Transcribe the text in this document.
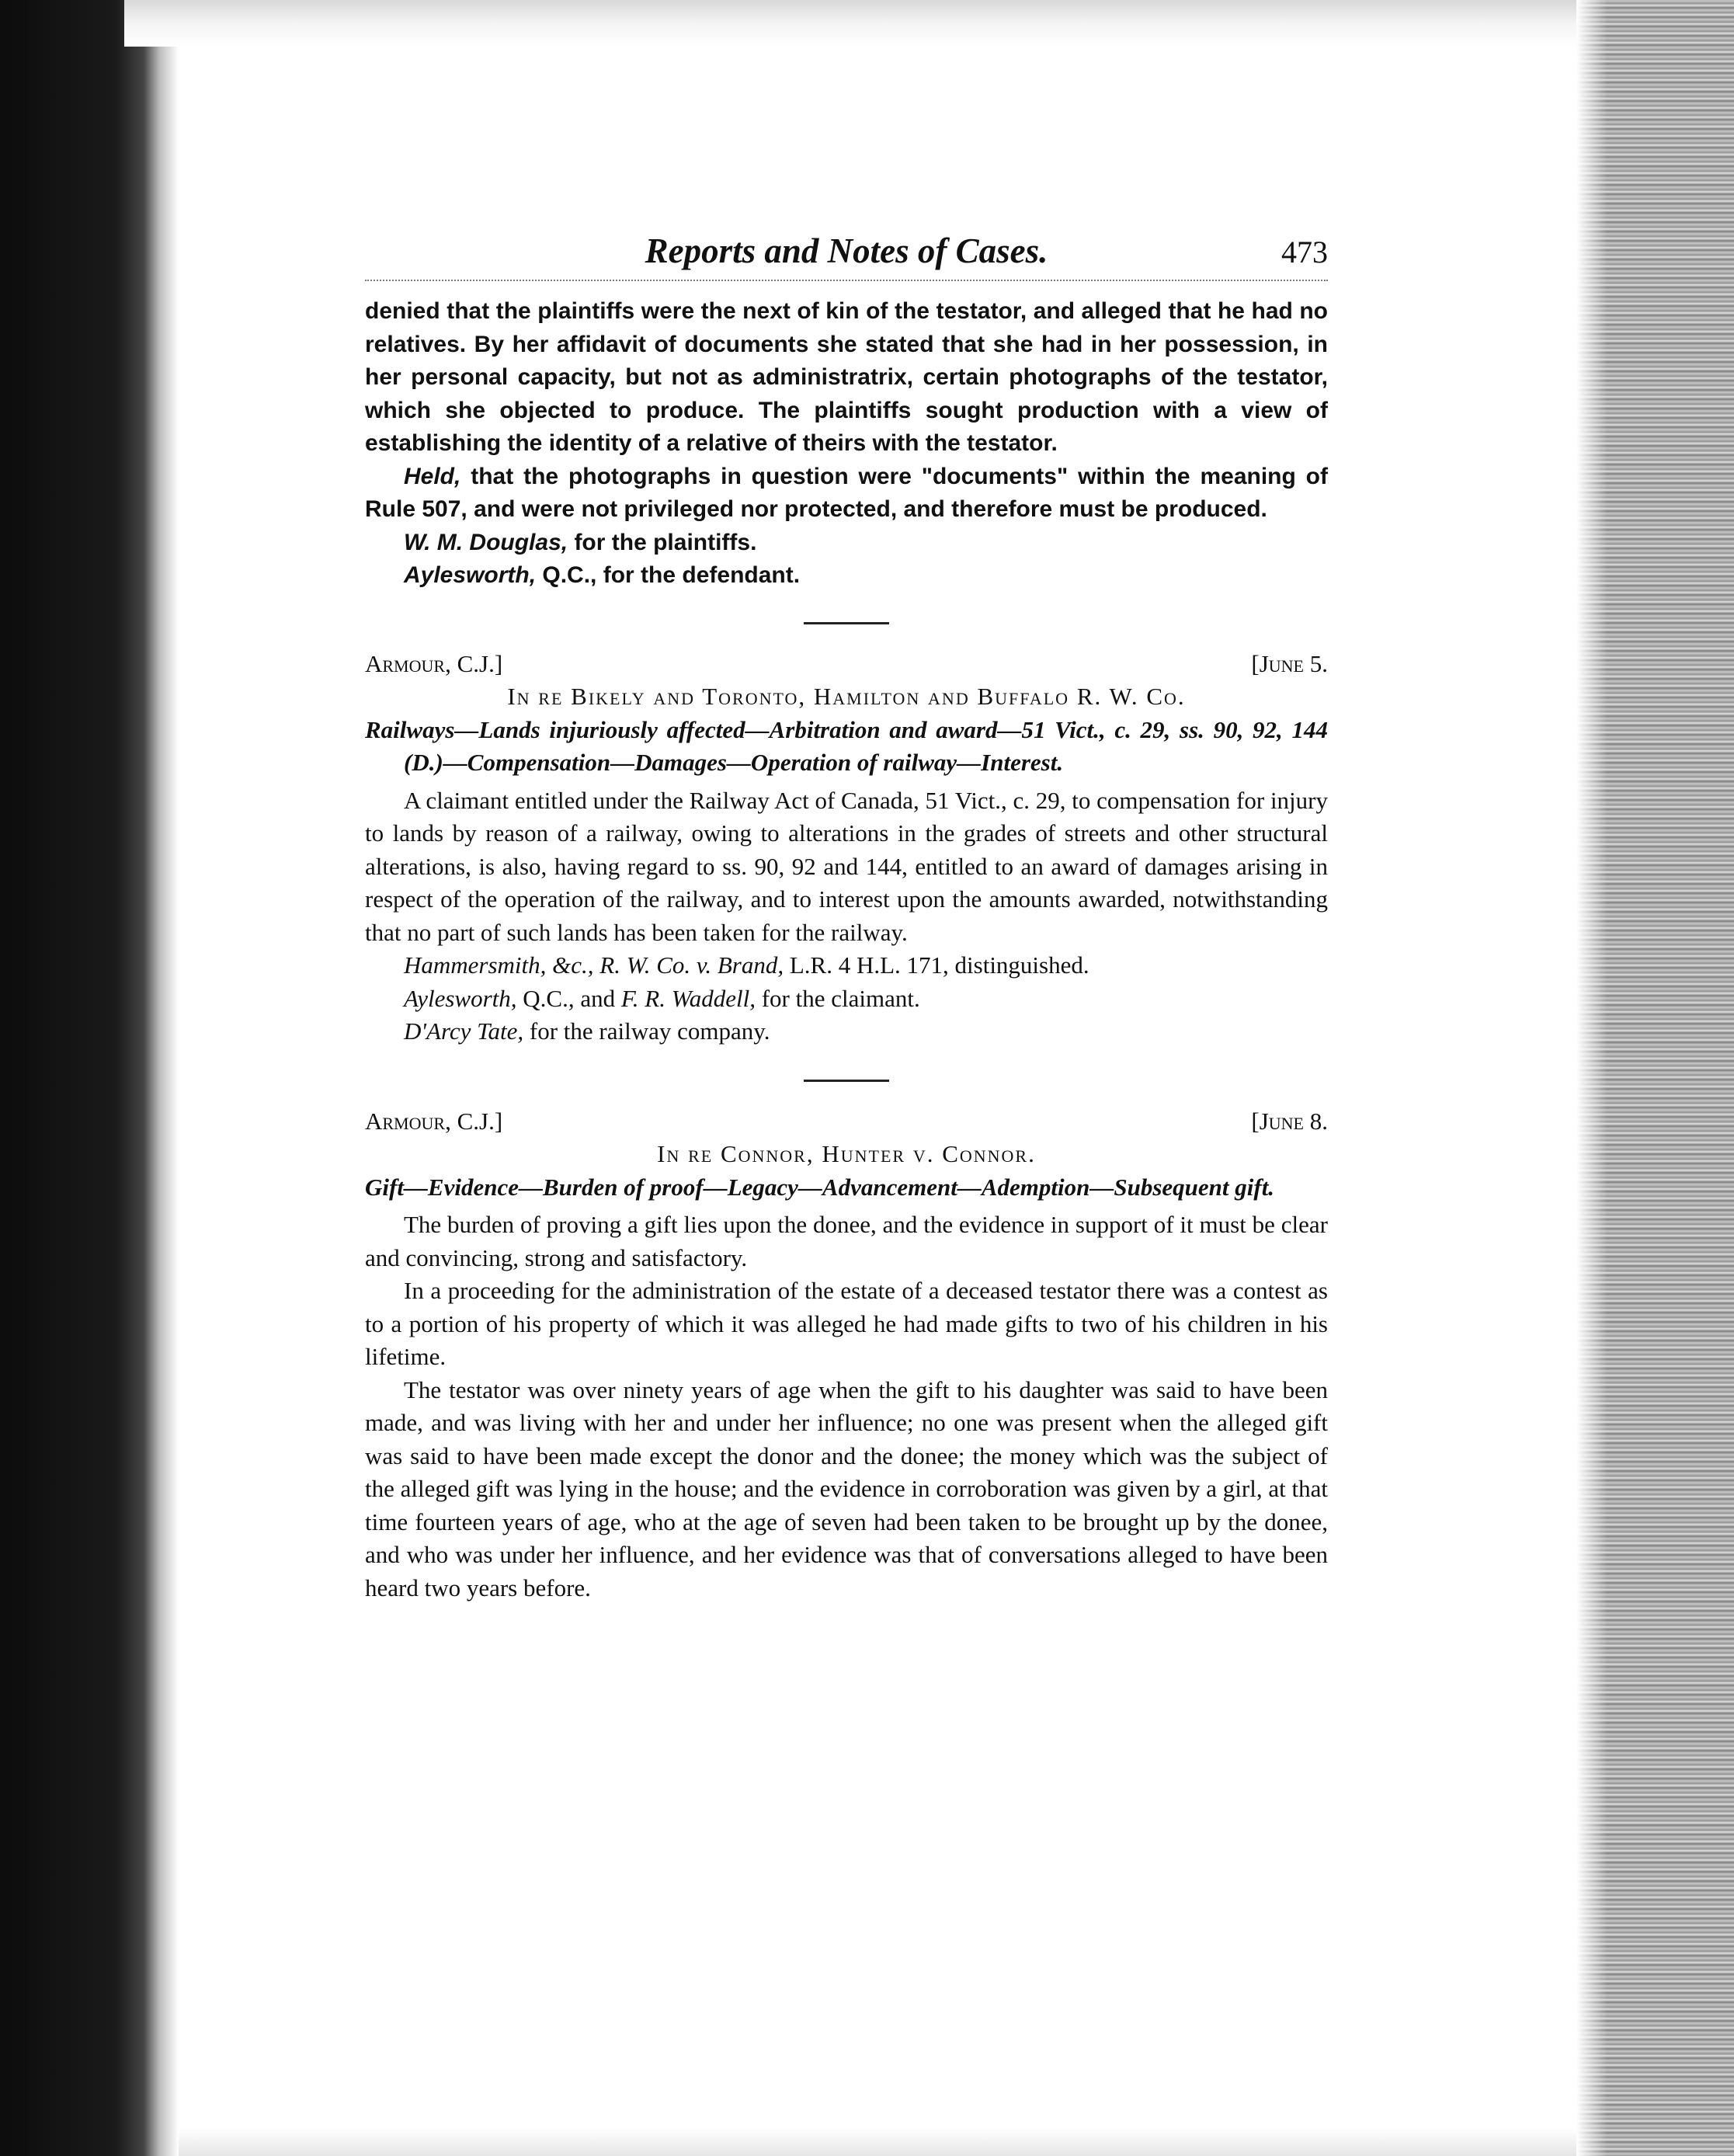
Reports and Notes of Cases.	473

denied that the plaintiffs were the next of kin of the testator, and alleged that he had no relatives. By her affidavit of documents she stated that she had in her possession, in her personal capacity, but not as administratrix, certain photographs of the testator, which she objected to produce. The plaintiffs sought production with a view of establishing the identity of a relative of theirs with the testator.

Held, that the photographs in question were "documents" within the meaning of Rule 507, and were not privileged nor protected, and therefore must be produced.

W. M. Douglas, for the plaintiffs.

Aylesworth, Q.C., for the defendant.

Armour, C.J.]	[June 5.
In re Bikely and Toronto, Hamilton and Buffalo R. W. Co.

Railways—Lands injuriously affected—Arbitration and award—51 Vict., c. 29, ss. 90, 92, 144 (D.)—Compensation—Damages—Operation of railway—Interest.

A claimant entitled under the Railway Act of Canada, 51 Vict., c. 29, to compensation for injury to lands by reason of a railway, owing to alterations in the grades of streets and other structural alterations, is also, having regard to ss. 90, 92 and 144, entitled to an award of damages arising in respect of the operation of the railway, and to interest upon the amounts awarded, notwithstanding that no part of such lands has been taken for the railway.

Hammersmith, &c., R. W. Co. v. Brand, L.R. 4 H.L. 171, distinguished.

Aylesworth, Q.C., and F. R. Waddell, for the claimant.

D'Arcy Tate, for the railway company.

Armour, C.J.]	[June 8.
In re Connor, Hunter v. Connor.

Gift—Evidence—Burden of proof—Legacy—Advancement—Ademption—Subsequent gift.

The burden of proving a gift lies upon the donee, and the evidence in support of it must be clear and convincing, strong and satisfactory.

In a proceeding for the administration of the estate of a deceased testator there was a contest as to a portion of his property of which it was alleged he had made gifts to two of his children in his lifetime.

The testator was over ninety years of age when the gift to his daughter was said to have been made, and was living with her and under her influence; no one was present when the alleged gift was said to have been made except the donor and the donee; the money which was the subject of the alleged gift was lying in the house; and the evidence in corroboration was given by a girl, at that time fourteen years of age, who at the age of seven had been taken to be brought up by the donee, and who was under her influence, and her evidence was that of conversations alleged to have been heard two years before.
